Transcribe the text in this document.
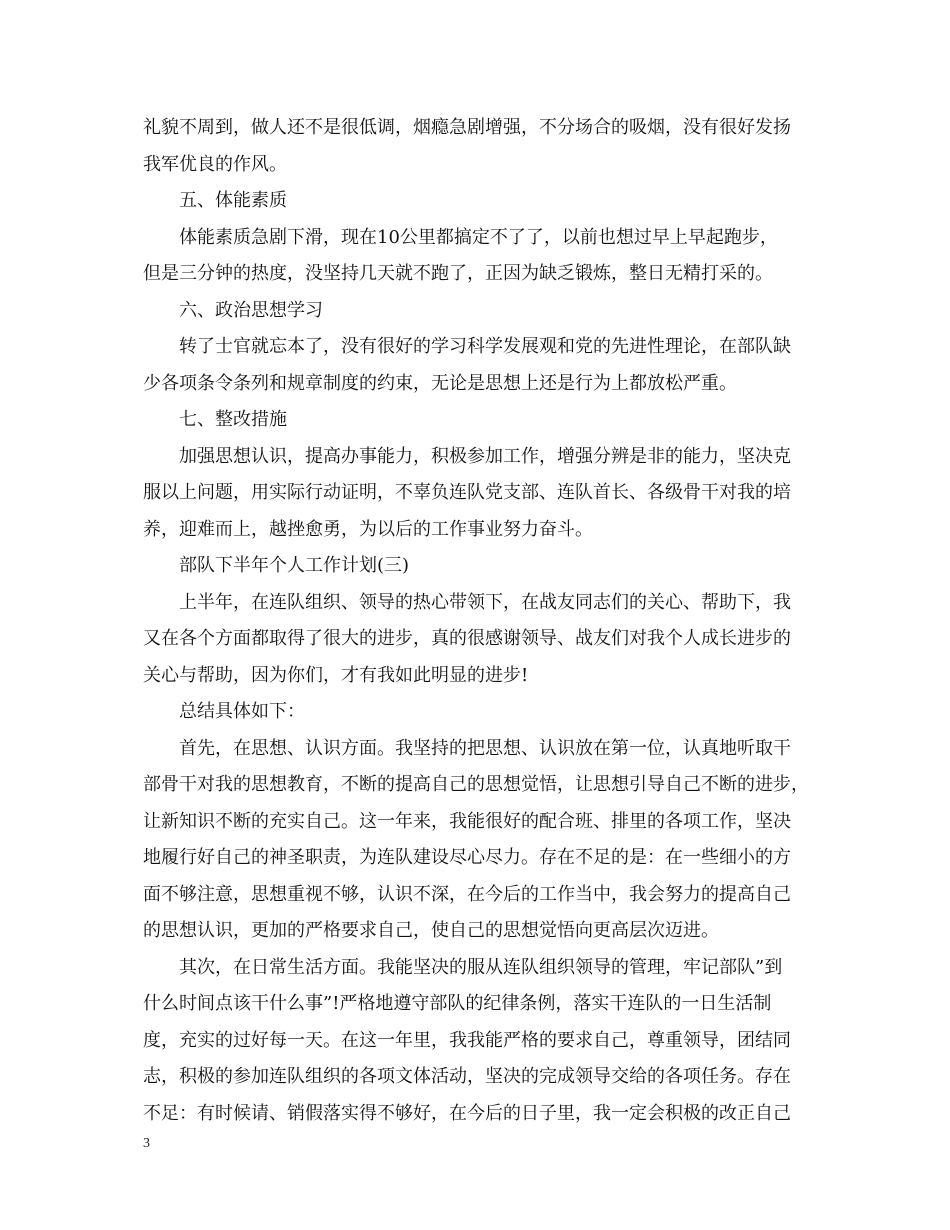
礼貌不周到，做人还不是很低调，烟瘾急剧增强，不分场合的吸烟，没有很好发扬
我军优良的作风。
五、体能素质
体能素质急剧下滑，现在10公里都搞定不了了，以前也想过早上早起跑步，
但是三分钟的热度，没坚持几天就不跑了，正因为缺乏锻炼，整日无精打采的。
六、政治思想学习
转了士官就忘本了，没有很好的学习科学发展观和党的先进性理论，在部队缺
少各项条令条列和规章制度的约束，无论是思想上还是行为上都放松严重。
七、整改措施
加强思想认识，提高办事能力，积极参加工作，增强分辨是非的能力，坚决克
服以上问题，用实际行动证明，不辜负连队党支部、连队首长、各级骨干对我的培
养，迎难而上，越挫愈勇，为以后的工作事业努力奋斗。
部队下半年个人工作计划(三)
上半年，在连队组织、领导的热心带领下，在战友同志们的关心、帮助下，我
又在各个方面都取得了很大的进步，真的很感谢领导、战友们对我个人成长进步的
关心与帮助，因为你们，才有我如此明显的进步!
总结具体如下：
首先，在思想、认识方面。我坚持的把思想、认识放在第一位，认真地听取干
部骨干对我的思想教育，不断的提高自己的思想觉悟，让思想引导自己不断的进步，
让新知识不断的充实自己。这一年来，我能很好的配合班、排里的各项工作，坚决
地履行好自己的神圣职责，为连队建设尽心尽力。存在不足的是：在一些细小的方
面不够注意，思想重视不够，认识不深，在今后的工作当中，我会努力的提高自己
的思想认识，更加的严格要求自己，使自己的思想觉悟向更高层次迈进。
其次，在日常生活方面。我能坚决的服从连队组织领导的管理，牢记部队”到
什么时间点该干什么事”!严格地遵守部队的纪律条例，落实干连队的一日生活制
度，充实的过好每一天。在这一年里，我我能严格的要求自己，尊重领导，团结同
志，积极的参加连队组织的各项文体活动，坚决的完成领导交给的各项任务。存在
不足：有时候请、销假落实得不够好，在今后的日子里，我一定会积极的改正自己
3
